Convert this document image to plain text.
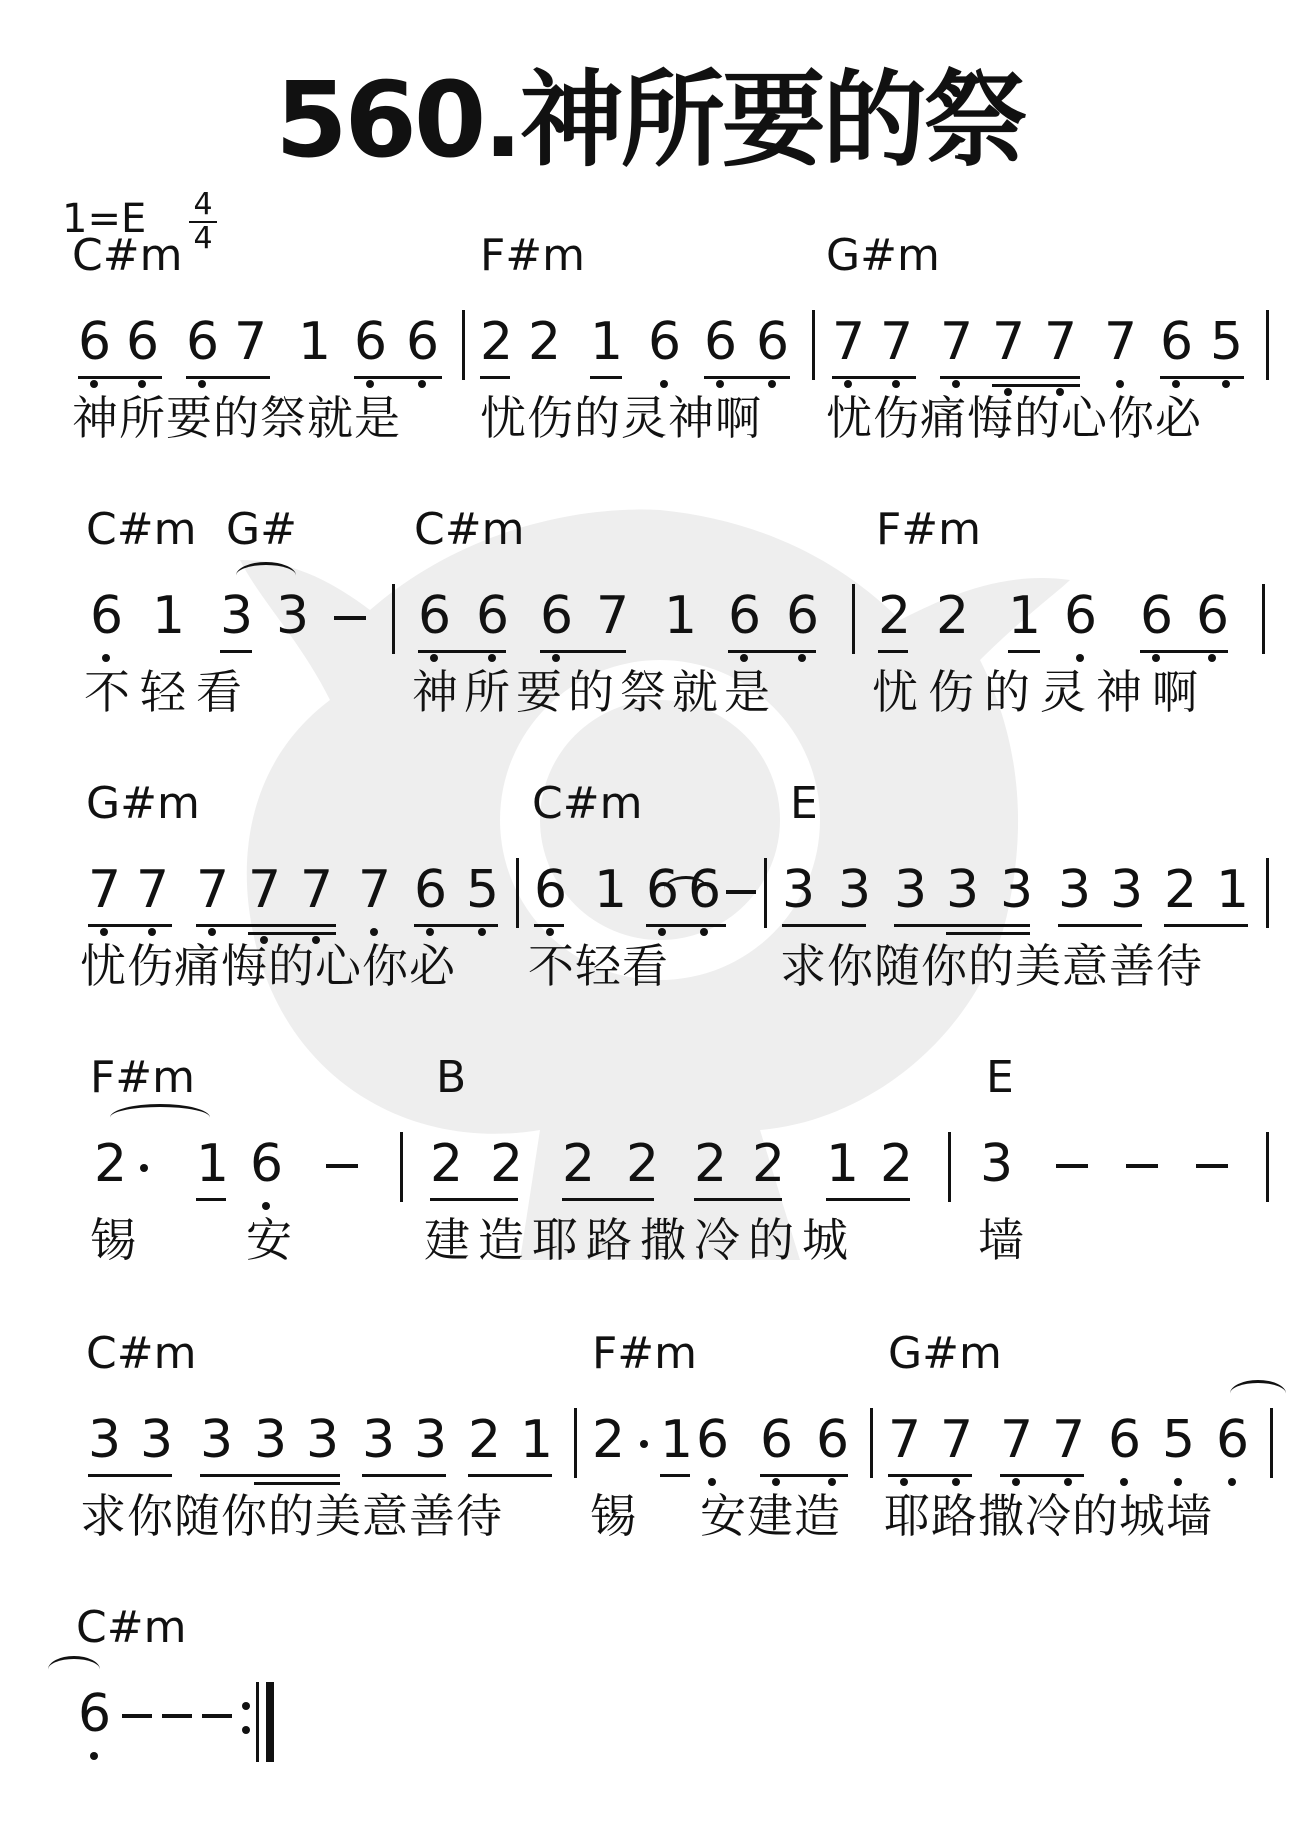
560.神所要的祭
1=E 4
4
C#m	F#m	G#m
6 6 6 7 1 6 6 2 2 1 6 6 6 7 7 7 7 7 7 6 5
神所要的祭就是 忧伤的灵神啊 忧伤痛悔的心你必
C#m G#	C#m	F#m
6 1 3 3 6 6 6 7 1 6 6 2 2 1 6 6 6
不轻看	神所要的祭就是 忧伤的灵神啊
G#m	C#m	E
7 7 7 7 7 7 6 5 6 1 6 6 3 3 3 3 3 3 3 2 1
忧伤痛悔的心你必 不轻看 求你随你的美意善待
F#m	B	E
2 1 6	2 2 2 2 2 2 1 2 3
锡 安	建造耶路撒冷的城	墙
C#m	F#m	G#m
3 3 3 3 3 3 3 2 1 2 1 6 6 6 7 7 7 7 6 5 6
求你随你的美意善待 锡 安建造 耶路撒冷的城墙
C#m
6
